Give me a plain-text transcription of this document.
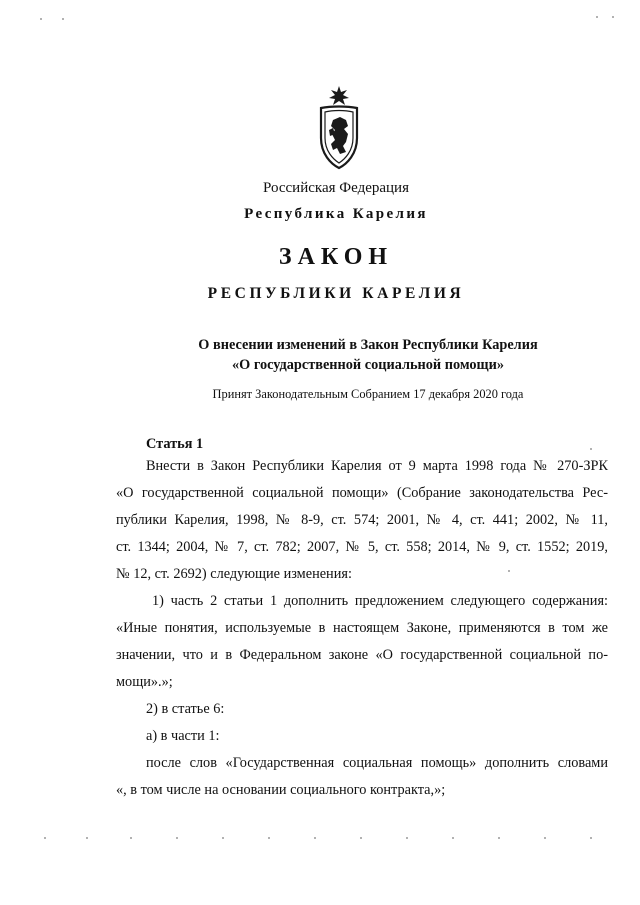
Российская Федерация
Республика Карелия
ЗАКОН
РЕСПУБЛИКИ КАРЕЛИЯ
О внесении изменений в Закон Республики Карелия
«О государственной социальной помощи»
Принят Законодательным Собранием 17 декабря 2020 года
Статья 1
Внести в Закон Республики Карелия от 9 марта 1998 года № 270-ЗРК
«О государственной социальной помощи» (Собрание законодательства Рес-
публики Карелия, 1998, № 8-9, ст. 574; 2001, № 4, ст. 441; 2002, № 11,
ст. 1344; 2004, № 7, ст. 782; 2007, № 5, ст. 558; 2014, № 9, ст. 1552; 2019,
№ 12, ст. 2692) следующие изменения:
1) часть 2 статьи 1 дополнить предложением следующего содержания:
«Иные понятия, используемые в настоящем Законе, применяются в том же
значении, что и в Федеральном законе «О государственной социальной по-
мощи».»;
2) в статье 6:
а) в части 1:
после слов «Государственная социальная помощь» дополнить словами
«, в том числе на основании социального контракта,»;
